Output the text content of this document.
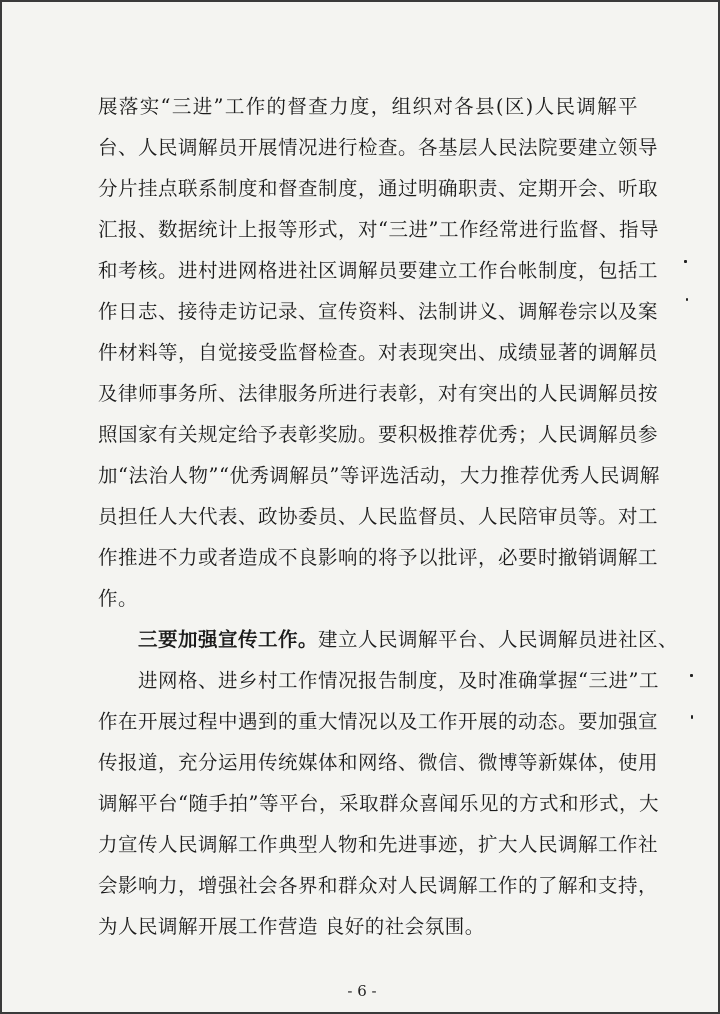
展落实“三进”工作的督查力度，组织对各县(区)人民调解平
台、人民调解员开展情况进行检查。各基层人民法院要建立领导
分片挂点联系制度和督查制度，通过明确职责、定期开会、听取
汇报、数据统计上报等形式，对“三进”工作经常进行监督、指导
和考核。进村进网格进社区调解员要建立工作台帐制度，包括工
作日志、接待走访记录、宣传资料、法制讲义、调解卷宗以及案
件材料等，自觉接受监督检查。对表现突出、成绩显著的调解员
及律师事务所、法律服务所进行表彰，对有突出的人民调解员按
照国家有关规定给予表彰奖励。要积极推荐优秀；人民调解员参
加“法治人物”“优秀调解员”等评选活动，大力推荐优秀人民调解
员担任人大代表、政协委员、人民监督员、人民陪审员等。对工
作推进不力或者造成不良影响的将予以批评，必要时撤销调解工
作。
三要加强宣传工作。建立人民调解平台、人民调解员进社区、
进网格、进乡村工作情况报告制度，及时准确掌握“三进”工
作在开展过程中遇到的重大情况以及工作开展的动态。要加强宣
传报道，充分运用传统媒体和网络、微信、微博等新媒体，使用
调解平台“随手拍”等平台，采取群众喜闻乐见的方式和形式，大
力宣传人民调解工作典型人物和先进事迹，扩大人民调解工作社
会影响力，增强社会各界和群众对人民调解工作的了解和支持，
为人民调解开展工作营造 良好的社会氛围。
- 6 -
